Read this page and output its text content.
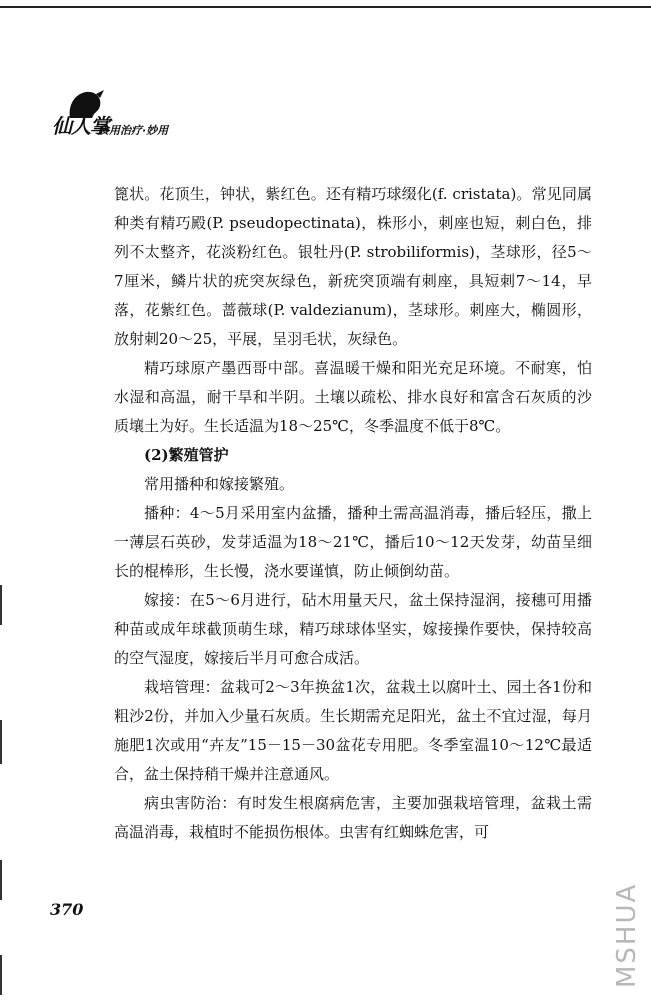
仙人掌
食用治疗·妙用

篦状。花顶生，钟状，紫红色。还有精巧球缀化(f. cristata)。常见同属种类有精巧殿(P. pseudopectinata)，株形小，刺座也短，刺白色，排列不太整齐，花淡粉红色。银牡丹(P. strobiliformis)，茎球形，径5～7厘米，鳞片状的疣突灰绿色，新疣突顶端有刺座，具短刺7～14，早落，花紫红色。蔷薇球(P. valdezianum)，茎球形。刺座大，椭圆形，放射刺20～25，平展，呈羽毛状，灰绿色。

精巧球原产墨西哥中部。喜温暖干燥和阳光充足环境。不耐寒，怕水湿和高温，耐干旱和半阴。土壤以疏松、排水良好和富含石灰质的沙质壤土为好。生长适温为18～25℃，冬季温度不低于8℃。

(2)繁殖管护

常用播种和嫁接繁殖。

播种：4～5月采用室内盆播，播种土需高温消毒，播后轻压，撒上一薄层石英砂，发芽适温为18～21℃，播后10～12天发芽，幼苗呈细长的棍棒形，生长慢，浇水要谨慎，防止倾倒幼苗。

嫁接：在5～6月进行，砧木用量天尺，盆土保持湿润，接穗可用播种苗或成年球截顶萌生球，精巧球球体坚实，嫁接操作要快，保持较高的空气湿度，嫁接后半月可愈合成活。

栽培管理：盆栽可2～3年换盆1次，盆栽土以腐叶土、园土各1份和粗沙2份，并加入少量石灰质。生长期需充足阳光，盆土不宜过湿，每月施肥1次或用“卉友”15－15－30盆花专用肥。冬季室温10～12℃最适合，盆土保持稍干燥并注意通风。

病虫害防治：有时发生根腐病危害，主要加强栽培管理，盆栽土需高温消毒，栽植时不能损伤根体。虫害有红蜘蛛危害，可

370	MSHUA
